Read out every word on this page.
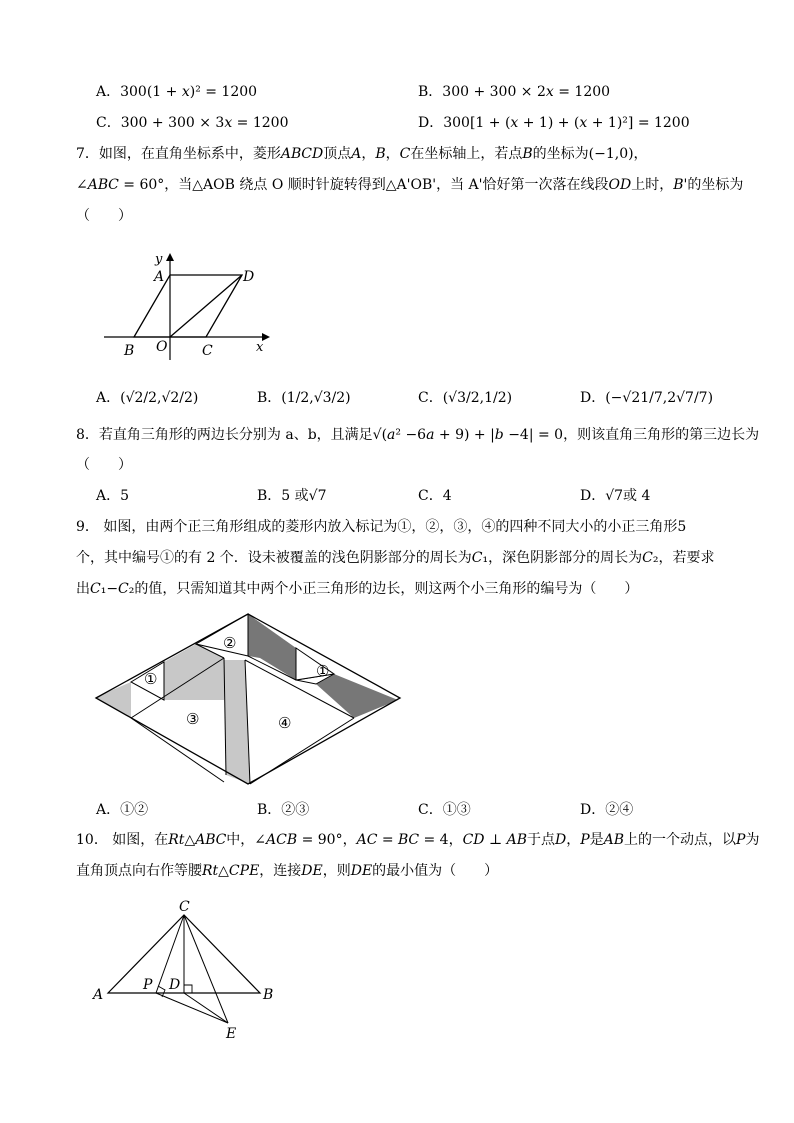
A．300(1 + 𝑥)² = 1200	B．300 + 300 × 2𝑥 = 1200
C．300 + 300 × 3𝑥 = 1200	D．300[1 + (𝑥 + 1) + (𝑥 + 1)²] = 1200
7．如图，在直角坐标系中，菱形𝐴𝐵𝐶𝐷顶点𝐴，𝐵，𝐶在坐标轴上，若点𝐵的坐标为(−1,0)，
∠𝐴𝐵𝐶 = 60°，当△AOB 绕点 O 顺时针旋转得到△A'OB'，当 A'恰好第一次落在线段𝑂𝐷上时，𝐵'的坐标为
（　　）
y
A	D
B O C	x
A．(√2/2,√2/2)	B．(1/2,√3/2)	C．(√3/2,1/2)	D．(−√21/7,2√7/7)
8．若直角三角形的两边长分别为 a、b，且满足√(𝑎² −6𝑎 + 9) + |𝑏 −4| = 0，则该直角三角形的第三边长为
（　　）
A．5	B．5 或√7	C．4	D．√7或 4
9． 如图，由两个正三角形组成的菱形内放入标记为①，②，③，④的四种不同大小的小正三角形5
个，其中编号①的有 2 个．设未被覆盖的浅色阴影部分的周长为𝐶₁，深色阴影部分的周长为𝐶₂，若要求
出𝐶₁−𝐶₂的值，只需知道其中两个小正三角形的边长，则这两个小三角形的编号为（　　）
①
②
①
③	④
A．①②	B．②③	C．①③	D．②④
10． 如图，在𝑅𝑡△𝐴𝐵𝐶中，∠𝐴𝐶𝐵 = 90°，𝐴𝐶 = 𝐵𝐶 = 4，𝐶𝐷 ⊥ 𝐴𝐵于点𝐷，𝑃是𝐴𝐵上的一个动点，以𝑃为
直角顶点向右作等腰𝑅𝑡△𝐶𝑃𝐸，连接𝐷𝐸，则𝐷𝐸的最小值为（　　）
C
A
P D
B
E
